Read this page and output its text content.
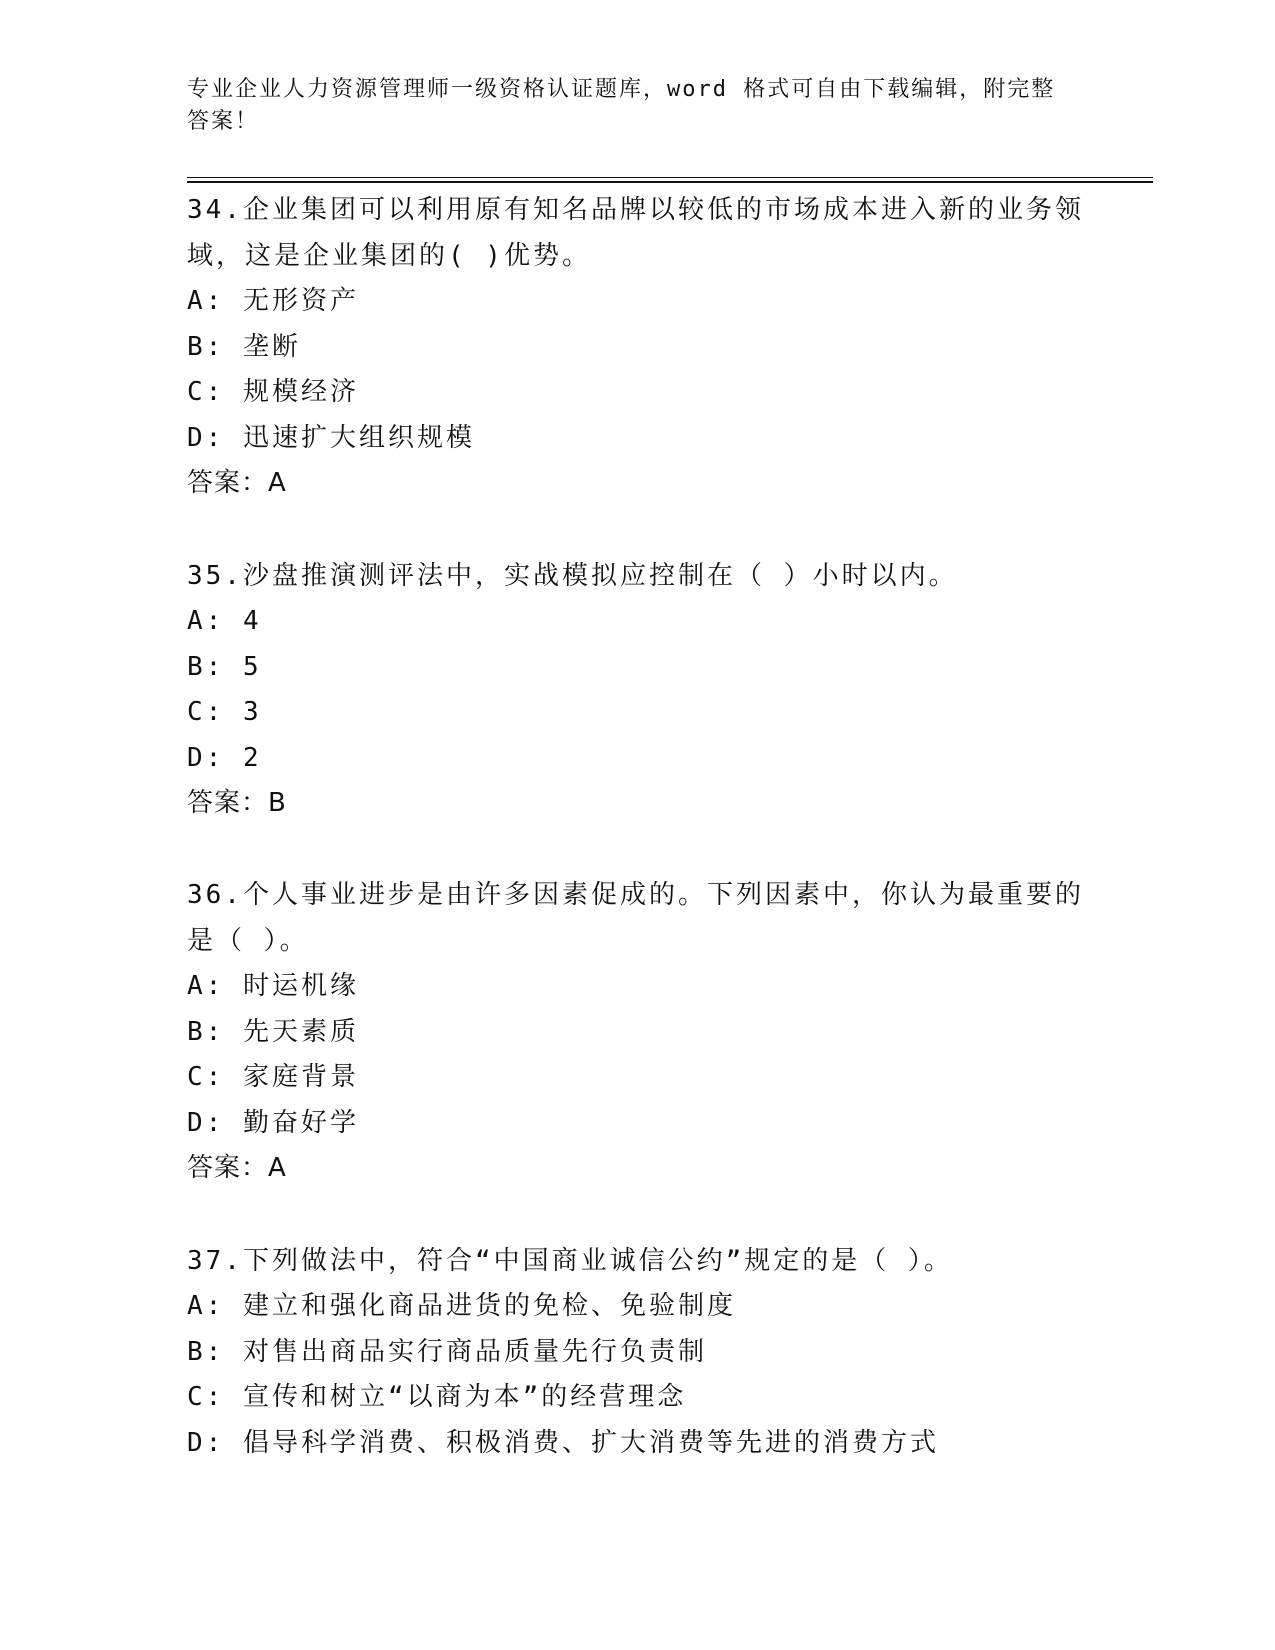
专业企业人力资源管理师一级资格认证题库，word 格式可自由下载编辑，附完整答案！

34.企业集团可以利用原有知名品牌以较低的市场成本进入新的业务领域，这是企业集团的( )优势。

A: 无形资产
B: 垄断
C: 规模经济
D: 迅速扩大组织规模

答案：A

35.沙盘推演测评法中，实战模拟应控制在（ ）小时以内。

A: 4
B: 5
C: 3
D: 2

答案：B

36.个人事业进步是由许多因素促成的。下列因素中，你认为最重要的是（ ）。

A: 时运机缘
B: 先天素质
C: 家庭背景
D: 勤奋好学

答案：A

37.下列做法中，符合“中国商业诚信公约”规定的是（ ）。

A: 建立和强化商品进货的免检、免验制度
B: 对售出商品实行商品质量先行负责制
C: 宣传和树立“以商为本”的经营理念
D: 倡导科学消费、积极消费、扩大消费等先进的消费方式
